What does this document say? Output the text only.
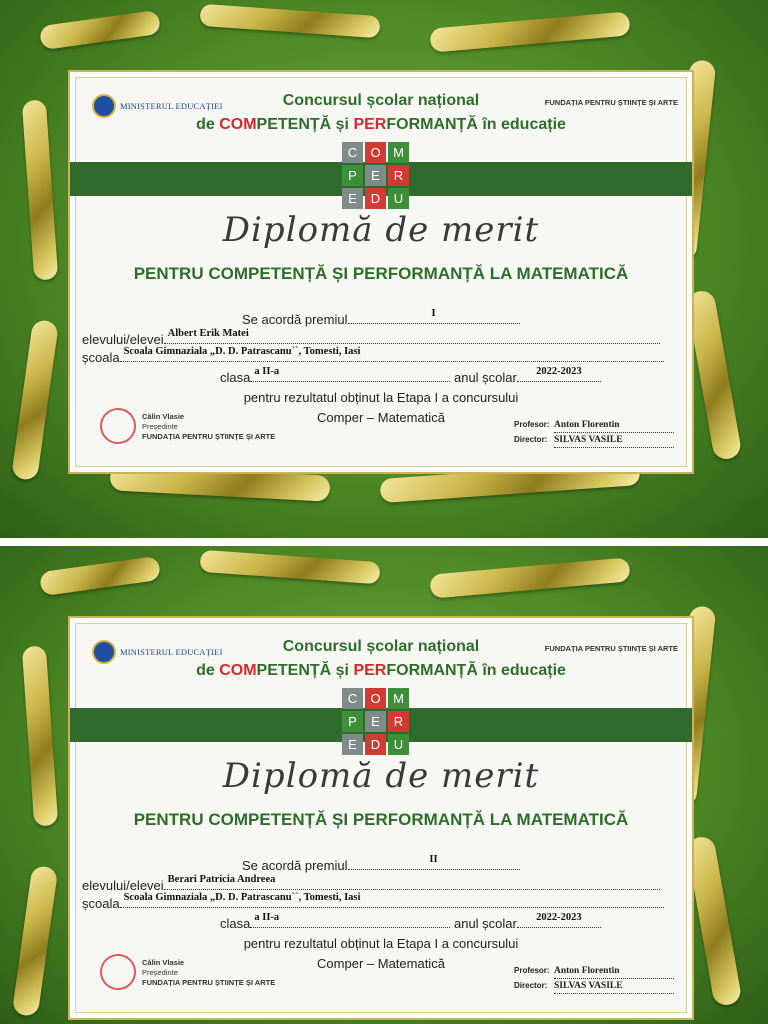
MINISTERUL EDUCAȚIEI	FUNDAȚIA PENTRU ȘTIINȚE ȘI ARTE
Concursul școlar național
de COMPETENȚĂ și PERFORMANȚĂ în educație
C	O M
P	E	R
E	D	U
Diplomă de merit
PENTRU COMPETENȚĂ ȘI PERFORMANȚĂ LA MATEMATICĂ
Se acordă premiul	I
elevului/elevei Albert Erik Matei
școala Scoala Gimnaziala „D. D. Patrascanu``, Tomesti, Iasi
clasa a II-a	anul școlar	2022-2023
pentru rezultatul obținut la Etapa I a concursului
Comper – Matematică
Călin Vlasie
Președinte
FUNDAȚIA PENTRU ȘTIINȚE ȘI ARTE
Profesor: Anton Florentin
Director: SILVAS VASILE
MINISTERUL EDUCAȚIEI	FUNDAȚIA PENTRU ȘTIINȚE ȘI ARTE
Concursul școlar național
de COMPETENȚĂ și PERFORMANȚĂ în educație
C	O M
P	E	R
E	D	U
Diplomă de merit
PENTRU COMPETENȚĂ ȘI PERFORMANȚĂ LA MATEMATICĂ
Se acordă premiul	II
elevului/elevei Berari Patricia Andreea
școala Scoala Gimnaziala „D. D. Patrascanu``, Tomesti, Iasi
clasa a II-a	anul școlar	2022-2023
pentru rezultatul obținut la Etapa I a concursului
Comper – Matematică
Călin Vlasie
Președinte
FUNDAȚIA PENTRU ȘTIINȚE ȘI ARTE
Profesor: Anton Florentin
Director: SILVAS VASILE
